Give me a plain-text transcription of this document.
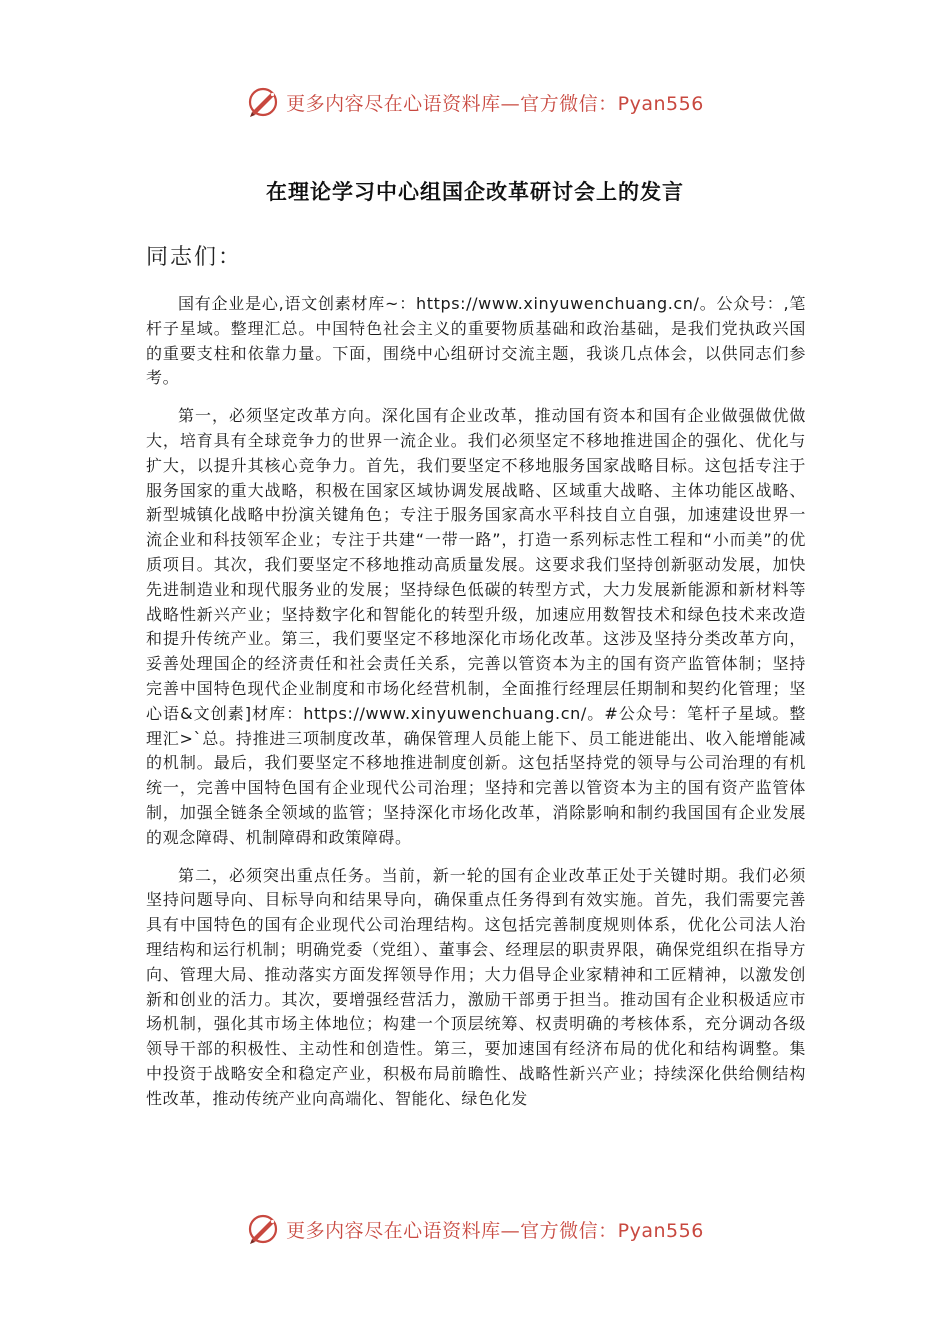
更多内容尽在心语资料库—官方微信：Pyan556
在理论学习中心组国企改革研讨会上的发言
同志们：

国有企业是心,语文创素材库~：https://www.xinyuwenchuang.cn/。公众号：,笔杆子星域。整理汇总。中国特色社会主义的重要物质基础和政治基础，是我们党执政兴国的重要支柱和依靠力量。下面，围绕中心组研讨交流主题，我谈几点体会，以供同志们参考。

第一，必须坚定改革方向。深化国有企业改革，推动国有资本和国有企业做强做优做大，培育具有全球竞争力的世界一流企业。我们必须坚定不移地推进国企的强化、优化与扩大，以提升其核心竞争力。首先，我们要坚定不移地服务国家战略目标。这包括专注于服务国家的重大战略，积极在国家区域协调发展战略、区域重大战略、主体功能区战略、新型城镇化战略中扮演关键角色；专注于服务国家高水平科技自立自强，加速建设世界一流企业和科技领军企业；专注于共建“一带一路”，打造一系列标志性工程和“小而美”的优质项目。其次，我们要坚定不移地推动高质量发展。这要求我们坚持创新驱动发展，加快先进制造业和现代服务业的发展；坚持绿色低碳的转型方式，大力发展新能源和新材料等战略性新兴产业；坚持数字化和智能化的转型升级，加速应用数智技术和绿色技术来改造和提升传统产业。第三，我们要坚定不移地深化市场化改革。这涉及坚持分类改革方向，妥善处理国企的经济责任和社会责任关系，完善以管资本为主的国有资产监管体制；坚持完善中国特色现代企业制度和市场化经营机制，全面推行经理层任期制和契约化管理；坚心语&文创素]材库：https://www.xinyuwenchuang.cn/。#公众号：笔杆子星域。整理汇>`总。持推进三项制度改革，确保管理人员能上能下、员工能进能出、收入能增能减的机制。最后，我们要坚定不移地推进制度创新。这包括坚持党的领导与公司治理的有机统一，完善中国特色国有企业现代公司治理；坚持和完善以管资本为主的国有资产监管体制，加强全链条全领域的监管；坚持深化市场化改革，消除影响和制约我国国有企业发展的观念障碍、机制障碍和政策障碍。

第二，必须突出重点任务。当前，新一轮的国有企业改革正处于关键时期。我们必须坚持问题导向、目标导向和结果导向，确保重点任务得到有效实施。首先，我们需要完善具有中国特色的国有企业现代公司治理结构。这包括完善制度规则体系，优化公司法人治理结构和运行机制；明确党委（党组）、董事会、经理层的职责界限，确保党组织在指导方向、管理大局、推动落实方面发挥领导作用；大力倡导企业家精神和工匠精神，以激发创新和创业的活力。其次，要增强经营活力，激励干部勇于担当。推动国有企业积极适应市场机制，强化其市场主体地位；构建一个顶层统筹、权责明确的考核体系，充分调动各级领导干部的积极性、主动性和创造性。第三，要加速国有经济布局的优化和结构调整。集中投资于战略安全和稳定产业，积极布局前瞻性、战略性新兴产业；持续深化供给侧结构性改革，推动传统产业向高端化、智能化、绿色化发

更多内容尽在心语资料库—官方微信：Pyan556
